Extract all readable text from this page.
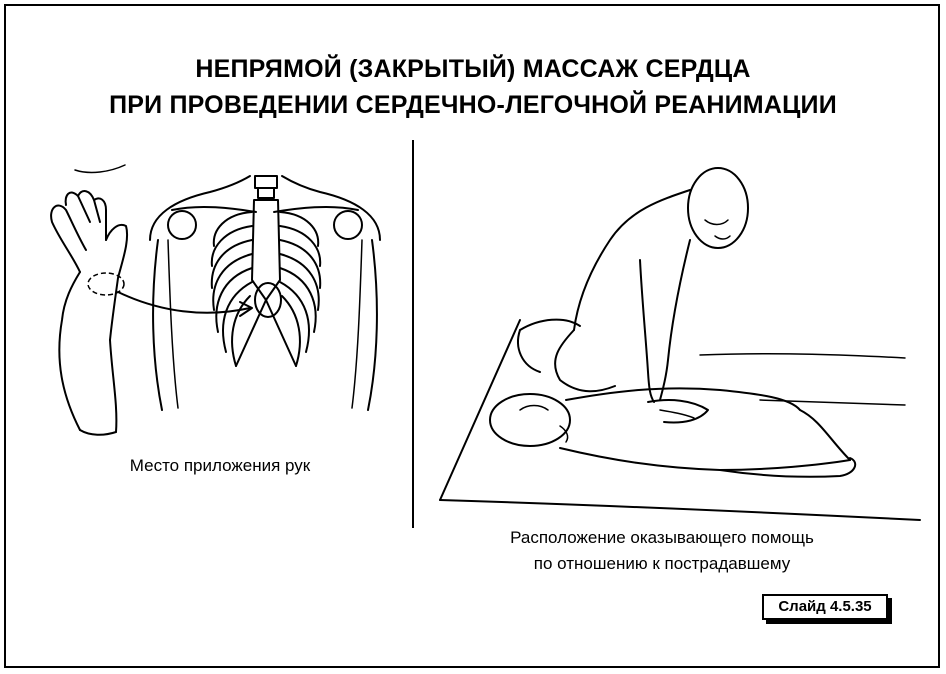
НЕПРЯМОЙ (ЗАКРЫТЫЙ) МАССАЖ СЕРДЦА
ПРИ ПРОВЕДЕНИИ СЕРДЕЧНО-ЛЕГОЧНОЙ РЕАНИМАЦИИ
Место приложения рук
Расположение оказывающего помощь
по отношению к пострадавшему
Слайд 4.5.35
